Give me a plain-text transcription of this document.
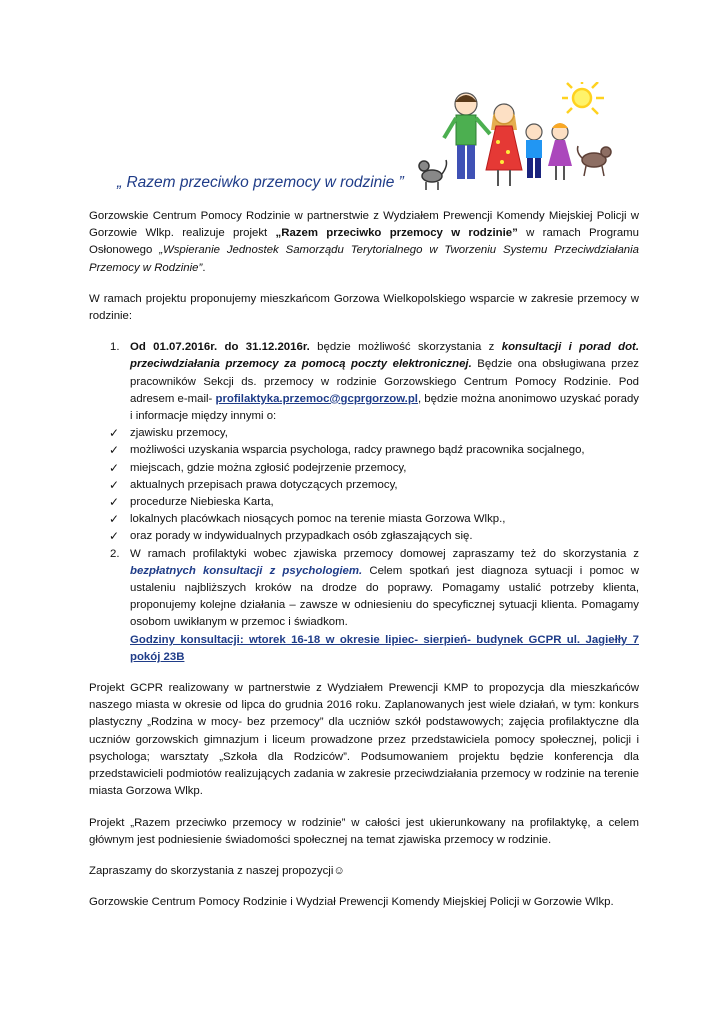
„ Razem przeciwko przemocy w rodzinie ”

Gorzowskie Centrum Pomocy Rodzinie w partnerstwie z Wydziałem Prewencji Komendy Miejskiej Policji w Gorzowie Wlkp. realizuje projekt „Razem przeciwko przemocy w rodzinie” w ramach Programu Osłonowego „Wspieranie Jednostek Samorządu Terytorialnego w Tworzeniu Systemu Przeciwdziałania Przemocy w Rodzinie”.

W ramach projektu proponujemy mieszkańcom Gorzowa Wielkopolskiego wsparcie w zakresie przemocy w rodzinie:

1. Od 01.07.2016r. do 31.12.2016r. będzie możliwość skorzystania z konsultacji i porad dot. przeciwdziałania przemocy za pomocą poczty elektronicznej. Będzie ona obsługiwana przez pracowników Sekcji ds. przemocy w rodzinie Gorzowskiego Centrum Pomocy Rodzinie. Pod adresem e-mail- profilaktyka.przemoc@gcprgorzow.pl, będzie można anonimowo uzyskać porady i informacje między innymi o:
✓ zjawisku przemocy,
✓ możliwości uzyskania wsparcia psychologa, radcy prawnego bądź pracownika socjalnego,
✓ miejscach, gdzie można zgłosić podejrzenie przemocy,
✓ aktualnych przepisach prawa dotyczących przemocy,
✓ procedurze Niebieska Karta,
✓ lokalnych placówkach niosących pomoc na terenie miasta Gorzowa Wlkp.,
✓ oraz porady w indywidualnych przypadkach osób zgłaszających się.
2. W ramach profilaktyki wobec zjawiska przemocy domowej zapraszamy też do skorzystania z bezpłatnych konsultacji z psychologiem. Celem spotkań jest diagnoza sytuacji i pomoc w ustaleniu najbliższych kroków na drodze do poprawy. Pomagamy ustalić potrzeby klienta, proponujemy kolejne działania – zawsze w odniesieniu do specyficznej sytuacji klienta. Pomagamy osobom uwikłanym w przemoc i świadkom.
Godziny konsultacji: wtorek 16-18 w okresie lipiec- sierpień- budynek GCPR ul. Jagiełły 7 pokój 23B

Projekt GCPR realizowany w partnerstwie z Wydziałem Prewencji KMP to propozycja dla mieszkańców naszego miasta w okresie od lipca do grudnia 2016 roku. Zaplanowanych jest wiele działań, w tym: konkurs plastyczny „Rodzina w mocy- bez przemocy” dla uczniów szkół podstawowych; zajęcia profilaktyczne dla uczniów gorzowskich gimnazjum i liceum prowadzone przez przedstawiciela pomocy społecznej, policji i psychologa; warsztaty „Szkoła dla Rodziców”. Podsumowaniem projektu będzie konferencja dla przedstawicieli podmiotów realizujących zadania w zakresie przeciwdziałania przemocy w rodzinie na terenie miasta Gorzowa Wlkp.

Projekt „Razem przeciwko przemocy w rodzinie” w całości jest ukierunkowany na profilaktykę, a celem głównym jest podniesienie świadomości społecznej na temat zjawiska przemocy w rodzinie.

Zapraszamy do skorzystania z naszej propozycji☺

Gorzowskie Centrum Pomocy Rodzinie i Wydział Prewencji Komendy Miejskiej Policji w Gorzowie Wlkp.
